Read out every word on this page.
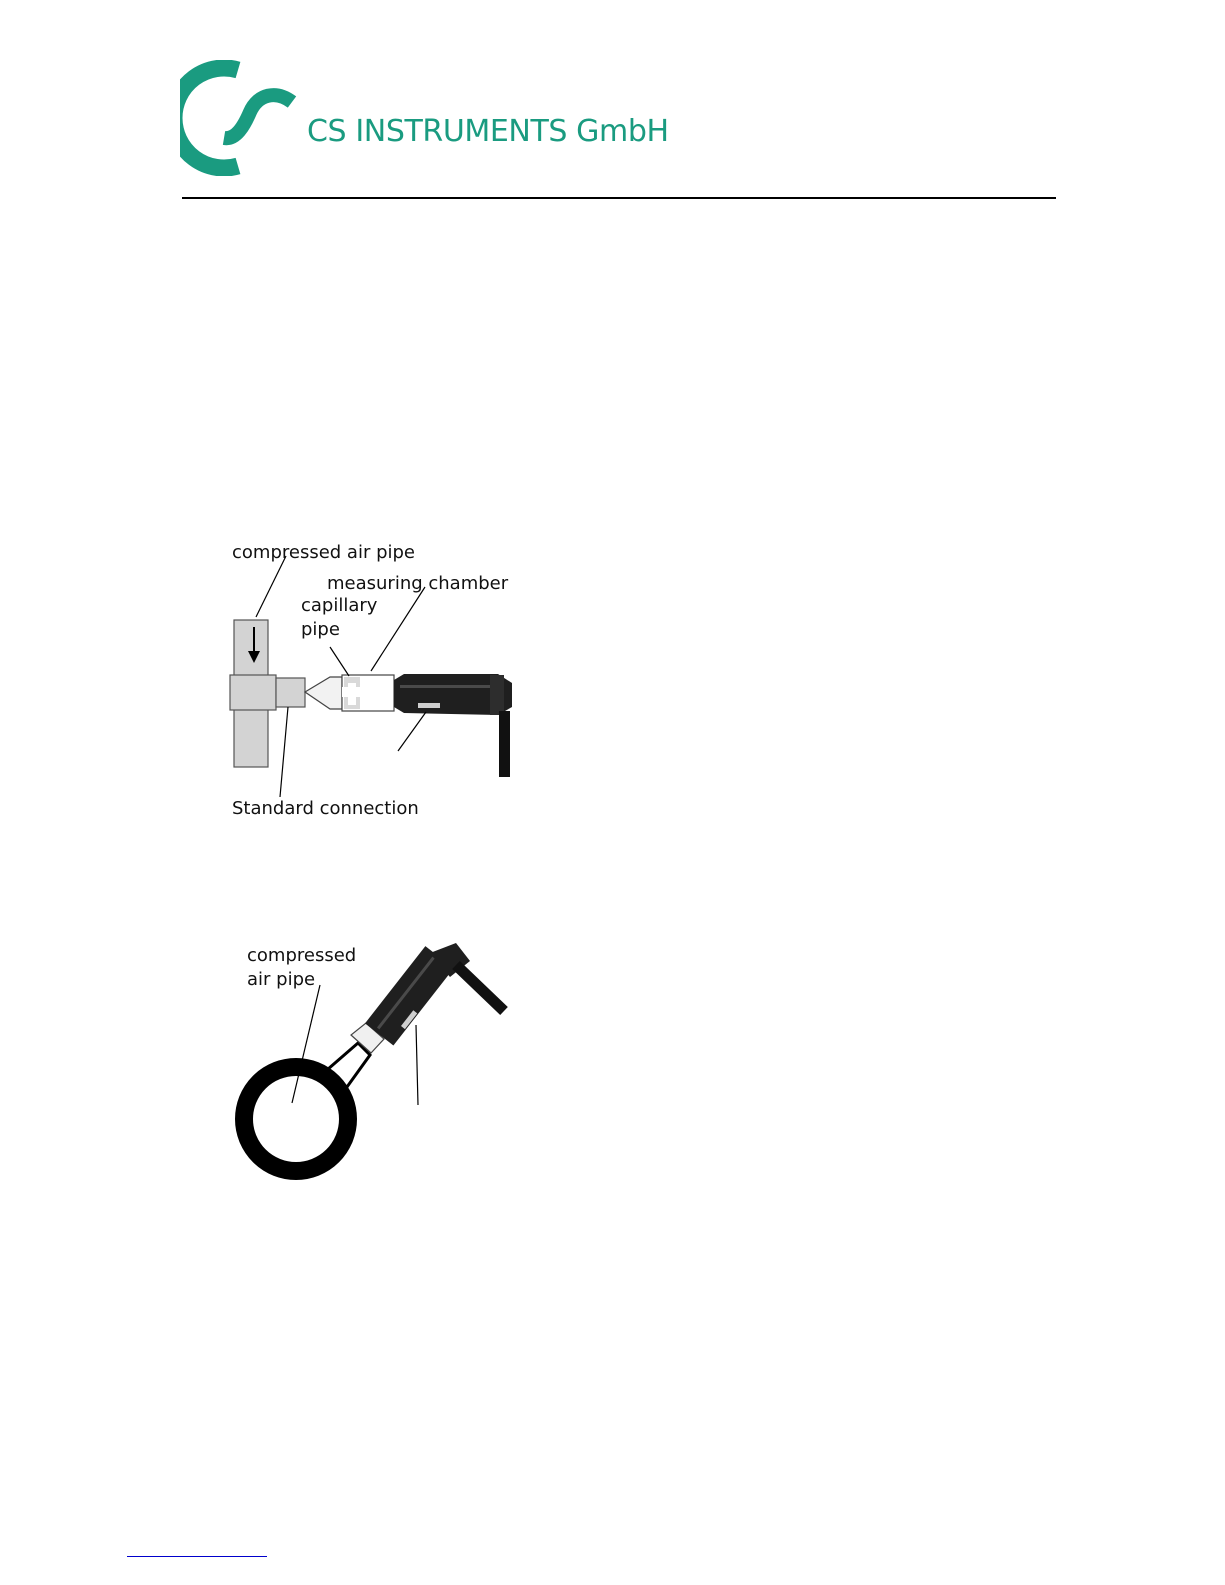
CS INSTRUMENTS GmbH

compressed air pipe

measuring chamber

capillary

pipe

Standard connection

compressed

air pipe
